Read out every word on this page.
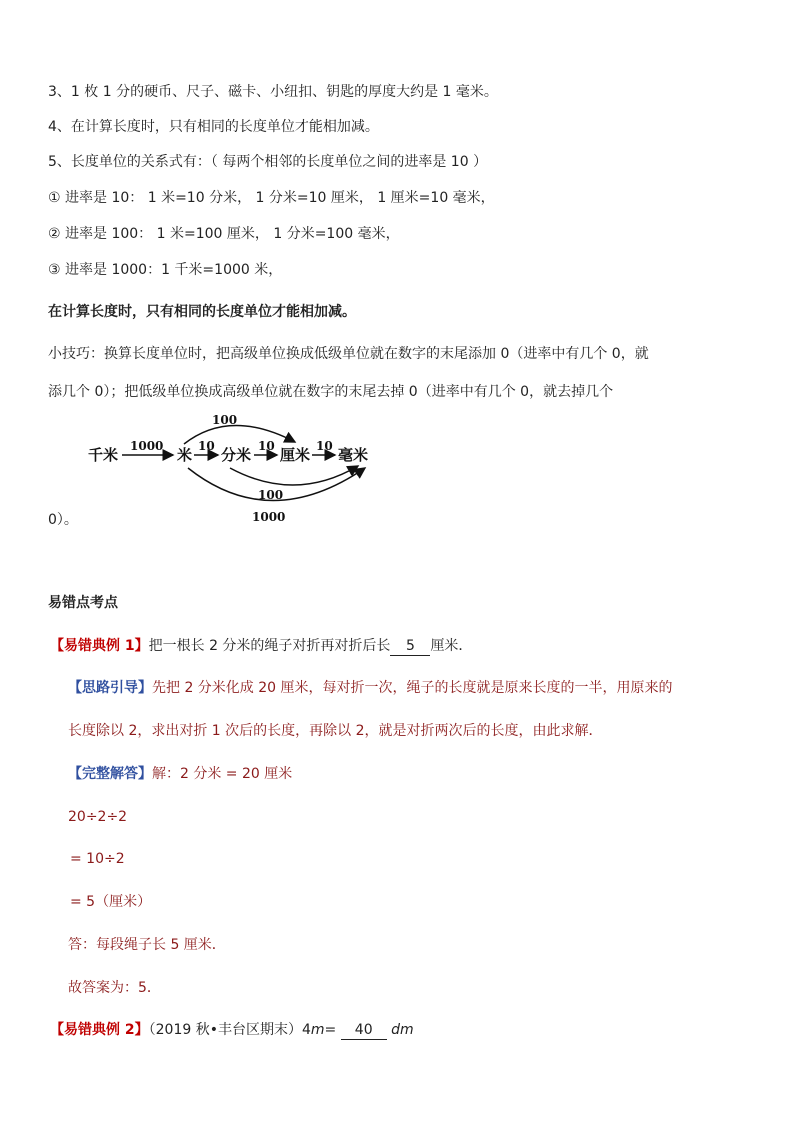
3、1 枚 1 分的硬币、尺子、磁卡、小纽扣、钥匙的厚度大约是 1 毫米。
4、在计算长度时，只有相同的长度单位才能相加减。
5、长度单位的关系式有：（ 每两个相邻的长度单位之间的进率是 10 ）
① 进率是 10： 1 米=10 分米， 1 分米=10 厘米， 1 厘米=10 毫米，
② 进率是 100： 1 米=100 厘米， 1 分米=100 毫米，
③ 进率是 1000：1 千米=1000 米，
在计算长度时，只有相同的长度单位才能相加减。
小技巧：换算长度单位时，把高级单位换成低级单位就在数字的末尾添加 0（进率中有几个 0，就
添几个 0）；把低级单位换成高级单位就在数字的末尾去掉 0（进率中有几个 0，就去掉几个
千米	米 分米 厘米 毫米
1000	10	10	10
100
100
1000
0）。
易错点考点
【易错典例 1】把一根长 2 分米的绳子对折再对折后长 5 厘米．
【思路引导】先把 2 分米化成 20 厘米，每对折一次，绳子的长度就是原来长度的一半，用原来的
长度除以 2，求出对折 1 次后的长度，再除以 2，就是对折两次后的长度，由此求解．
【完整解答】解：2 分米 = 20 厘米
20÷2÷2
= 10÷2
= 5（厘米）
答：每段绳子长 5 厘米．
故答案为：5．
【易错典例 2】（2019 秋•丰台区期末）4m= 40 dm
